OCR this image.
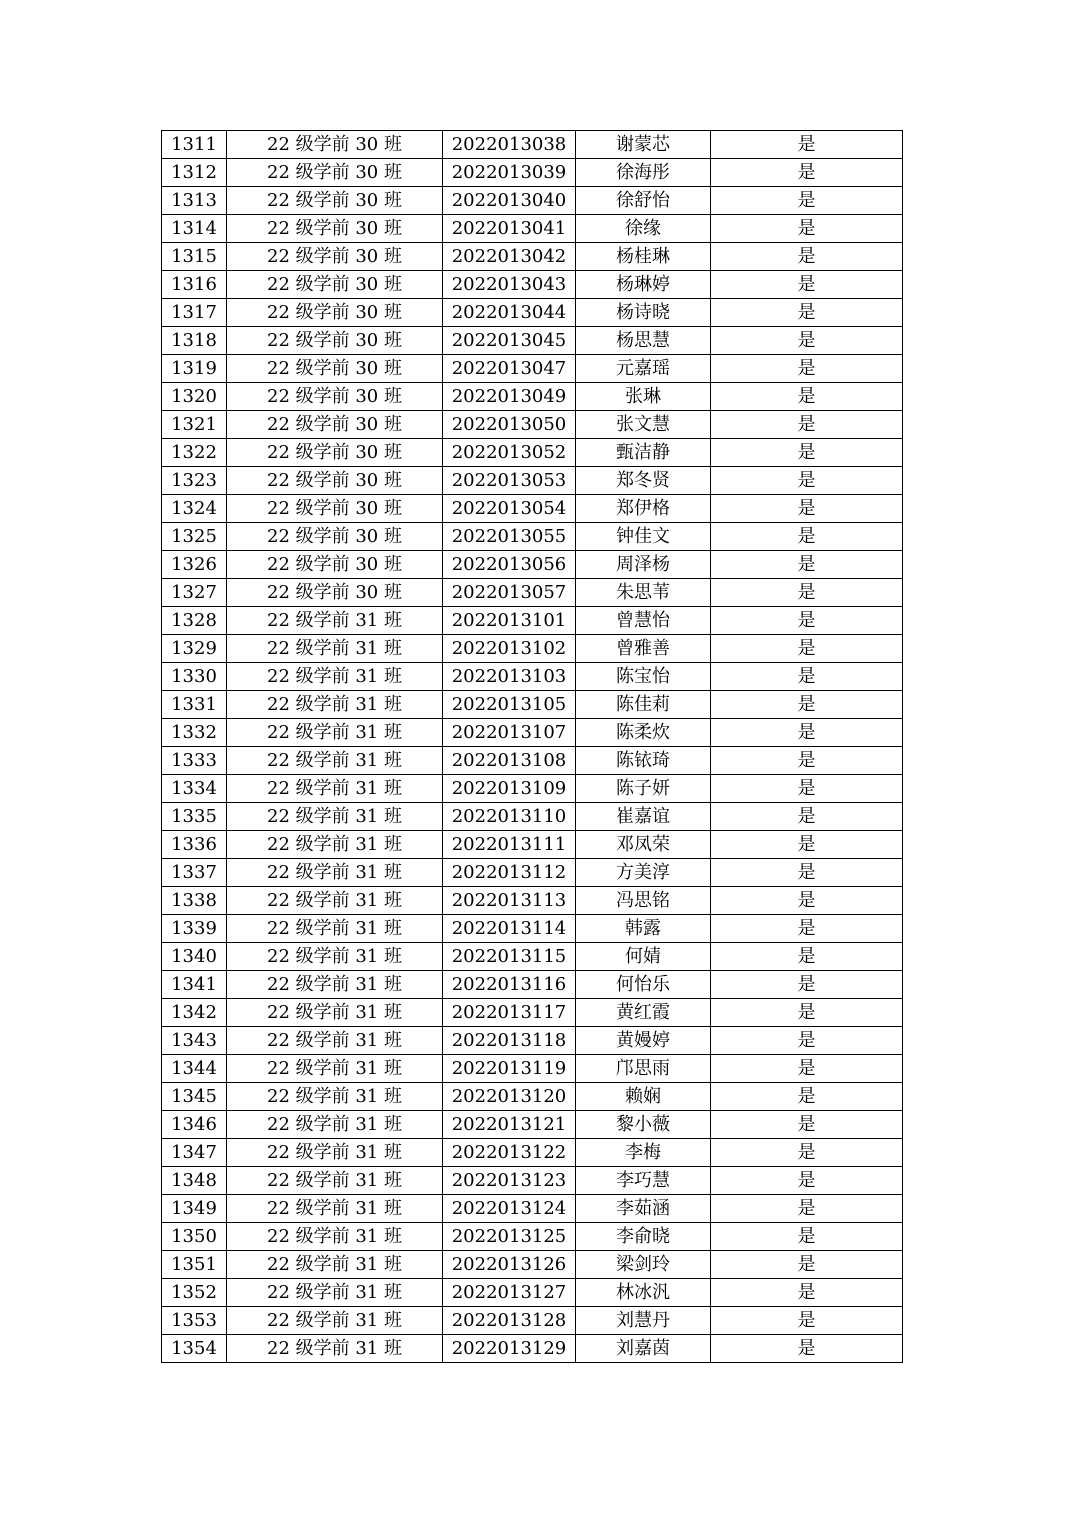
1311	22 级学前 30 班	2022013038	谢蒙芯	是
1312	22 级学前 30 班	2022013039	徐海彤	是
1313	22 级学前 30 班	2022013040	徐舒怡	是
1314	22 级学前 30 班	2022013041	徐缘	是
1315	22 级学前 30 班	2022013042	杨桂琳	是
1316	22 级学前 30 班	2022013043	杨琳婷	是
1317	22 级学前 30 班	2022013044	杨诗晓	是
1318	22 级学前 30 班	2022013045	杨思慧	是
1319	22 级学前 30 班	2022013047	元嘉瑶	是
1320	22 级学前 30 班	2022013049	张琳	是
1321	22 级学前 30 班	2022013050	张文慧	是
1322	22 级学前 30 班	2022013052	甄洁静	是
1323	22 级学前 30 班	2022013053	郑冬贤	是
1324	22 级学前 30 班	2022013054	郑伊格	是
1325	22 级学前 30 班	2022013055	钟佳文	是
1326	22 级学前 30 班	2022013056	周泽杨	是
1327	22 级学前 30 班	2022013057	朱思苇	是
1328	22 级学前 31 班	2022013101	曾慧怡	是
1329	22 级学前 31 班	2022013102	曾雅善	是
1330	22 级学前 31 班	2022013103	陈宝怡	是
1331	22 级学前 31 班	2022013105	陈佳莉	是
1332	22 级学前 31 班	2022013107	陈柔炊	是
1333	22 级学前 31 班	2022013108	陈铱琦	是
1334	22 级学前 31 班	2022013109	陈子妍	是
1335	22 级学前 31 班	2022013110	崔嘉谊	是
1336	22 级学前 31 班	2022013111	邓凤荣	是
1337	22 级学前 31 班	2022013112	方美淳	是
1338	22 级学前 31 班	2022013113	冯思铭	是
1339	22 级学前 31 班	2022013114	韩露	是
1340	22 级学前 31 班	2022013115	何婧	是
1341	22 级学前 31 班	2022013116	何怡乐	是
1342	22 级学前 31 班	2022013117	黄红霞	是
1343	22 级学前 31 班	2022013118	黄嫚婷	是
1344	22 级学前 31 班	2022013119	邝思雨	是
1345	22 级学前 31 班	2022013120	赖娴	是
1346	22 级学前 31 班	2022013121	黎小薇	是
1347	22 级学前 31 班	2022013122	李梅	是
1348	22 级学前 31 班	2022013123	李巧慧	是
1349	22 级学前 31 班	2022013124	李茹涵	是
1350	22 级学前 31 班	2022013125	李俞晓	是
1351	22 级学前 31 班	2022013126	梁剑玲	是
1352	22 级学前 31 班	2022013127	林冰汎	是
1353	22 级学前 31 班	2022013128	刘慧丹	是
1354	22 级学前 31 班	2022013129	刘嘉茵	是
